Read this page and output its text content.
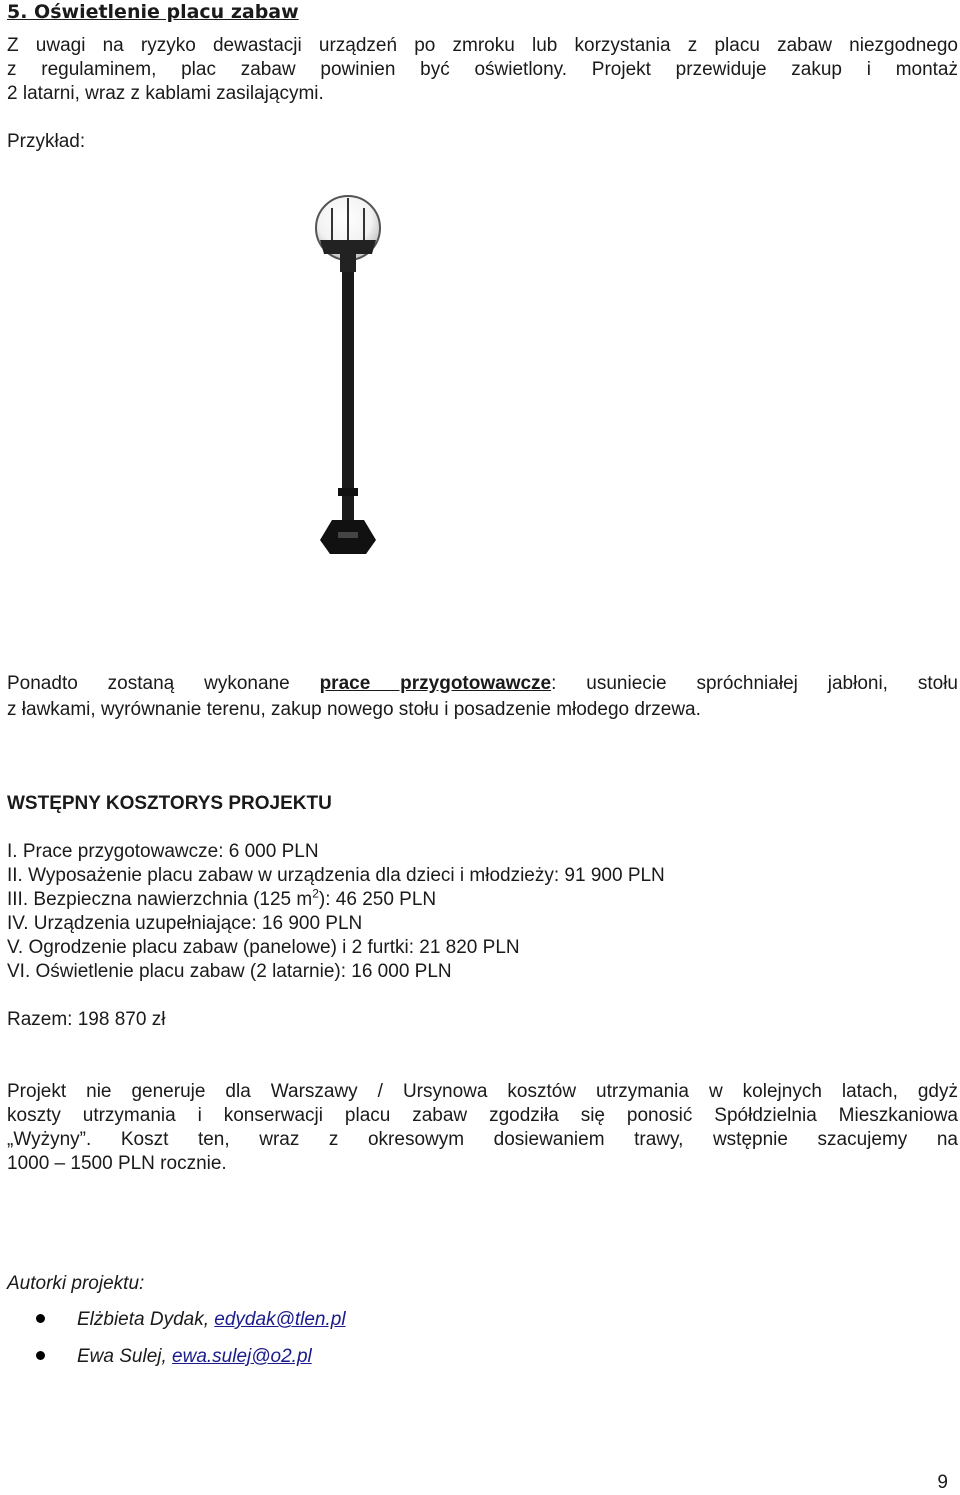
5. Oświetlenie placu zabaw

Z uwagi na ryzyko dewastacji urządzeń po zmroku lub korzystania z placu zabaw niezgodnego

z regulaminem, plac zabaw powinien być oświetlony. Projekt przewiduje zakup i montaż

2 latarni, wraz z kablami zasilającymi.

Przykład:

Ponadto zostaną wykonane prace przygotowawcze: usuniecie spróchniałej jabłoni, stołu

z ławkami, wyrównanie terenu, zakup nowego stołu i posadzenie młodego drzewa.

WSTĘPNY KOSZTORYS PROJEKTU

I. Prace przygotowawcze: 6 000 PLN

II. Wyposażenie placu zabaw w urządzenia dla dzieci i młodzieży: 91 900 PLN

III. Bezpieczna nawierzchnia (125 $m^2$): 46 250 PLN

IV. Urządzenia uzupełniające: 16 900 PLN

V. Ogrodzenie placu zabaw (panelowe) i 2 furtki: 21 820 PLN

VI. Oświetlenie placu zabaw (2 latarnie): 16 000 PLN

Razem: 198 870 zł

Projekt nie generuje dla Warszawy / Ursynowa kosztów utrzymania w kolejnych latach, gdyż

koszty utrzymania i konserwacji placu zabaw zgodziła się ponosić Spółdzielnia Mieszkaniowa

„Wyżyny”. Koszt ten, wraz z okresowym dosiewaniem trawy, wstępnie szacujemy na

1000 – 1500 PLN rocznie.

Autorki projektu:

Elżbieta Dydak, edydak@tlen.pl

Ewa Sulej, ewa.sulej@o2.pl

9
